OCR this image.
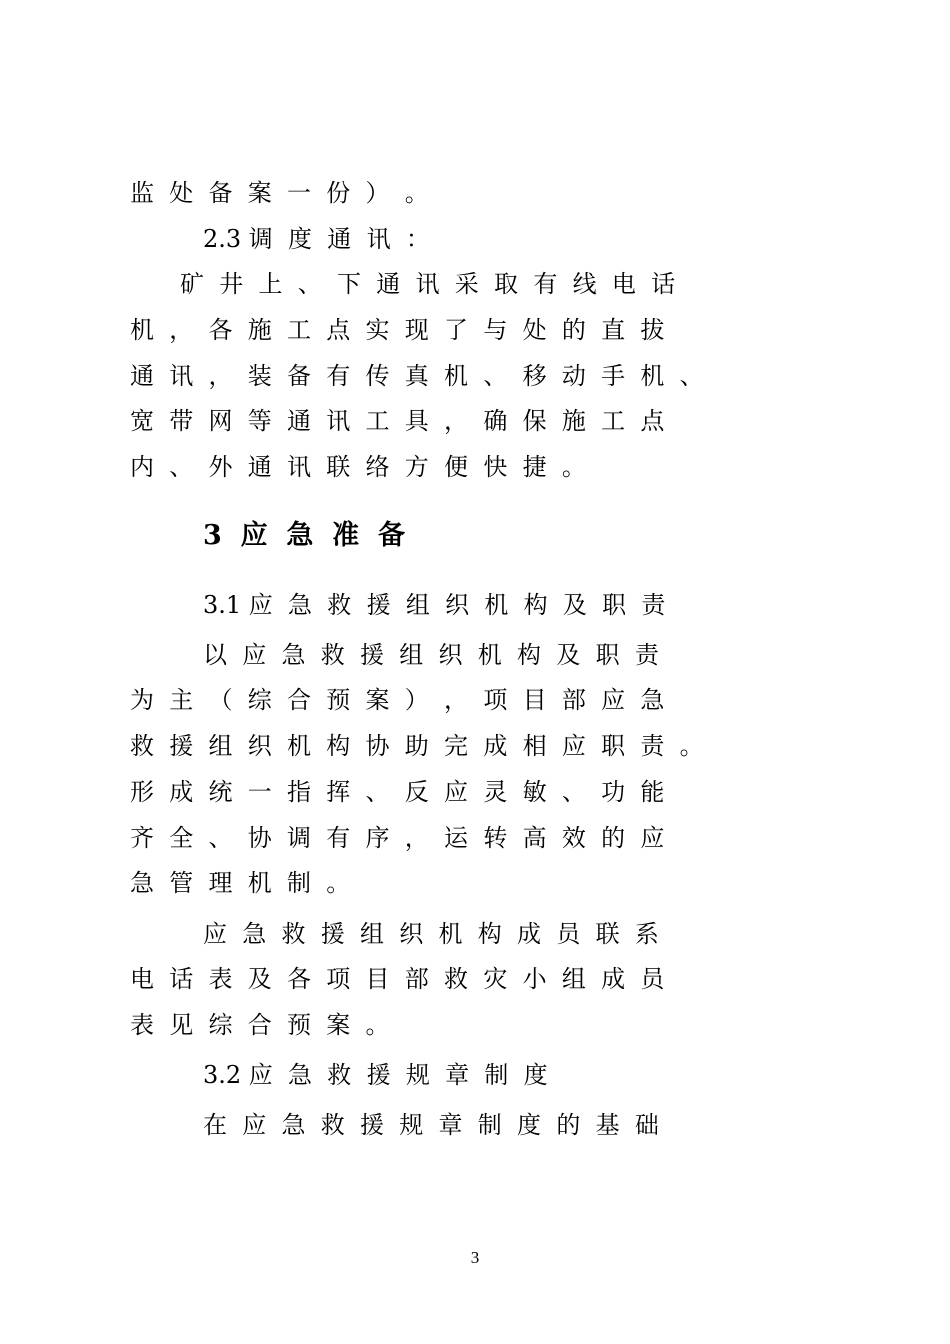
监  处  备  案  一  份  ）  。
2.3 调  度  通  讯  ：
矿  井  上  、  下  通  讯  采  取  有  线  电  话
机  ，  各  施  工  点  实  现  了  与  处  的  直  拔
通  讯  ，  装  备  有  传  真  机  、  移  动  手  机  、
宽  带  网  等  通  讯  工  具  ，  确  保  施  工  点
内  、  外  通  讯  联  络  方  便  快  捷  。
3  应  急  准  备
3.1 应  急  救  援  组  织  机  构  及  职  责
以  应  急  救  援  组  织  机  构  及  职  责
为  主  （  综  合  预  案  ）  ，  项  目  部  应  急
救  援  组  织  机  构  协  助  完  成  相  应  职  责  。
形  成  统  一  指  挥  、  反  应  灵  敏  、  功  能
齐  全  、  协  调  有  序  ，  运  转  高  效  的  应
急  管  理  机  制  。
应  急  救  援  组  织  机  构  成  员  联  系
电  话  表  及  各  项  目  部  救  灾  小  组  成  员
表  见  综  合  预  案  。
3.2 应  急  救  援  规  章  制  度
在  应  急  救  援  规  章  制  度  的  基  础
3
